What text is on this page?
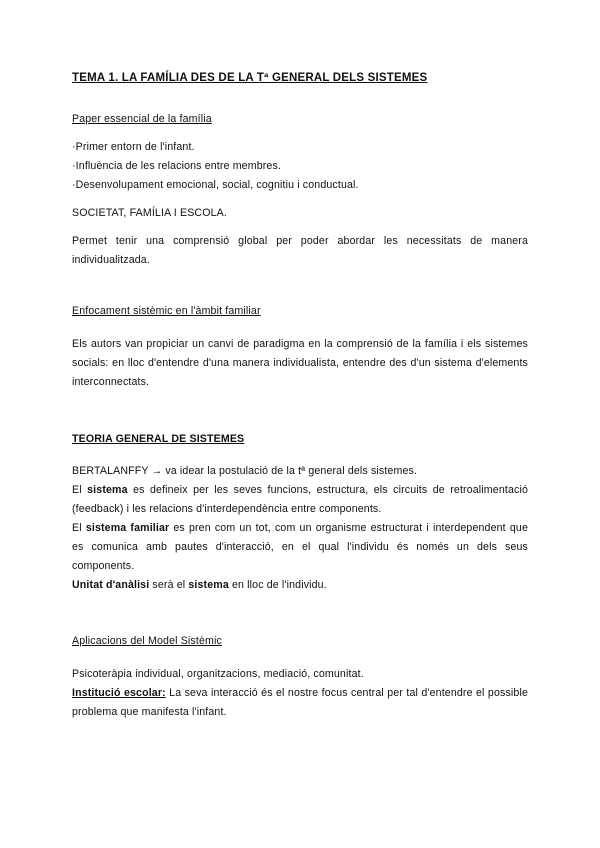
TEMA 1. LA FAMÍLIA DES DE LA Tª GENERAL DELS SISTEMES
Paper essencial de la família
·Primer entorn de l'infant.
·Influència de les relacions entre membres.
·Desenvolupament emocional, social, cognitiu i conductual.
SOCIETAT, FAMÍLIA I ESCOLA.
Permet tenir una comprensió global per poder abordar les necessitats de manera individualitzada.
Enfocament sistèmic en l'àmbit familiar
Els autors van propiciar un canvi de paradigma en la comprensió de la família i els sistemes socials: en lloc d'entendre d'una manera individualista, entendre des d'un sistema d'elements interconnectats.
TEORIA GENERAL DE SISTEMES
BERTALANFFY → va idear la postulació de la tª general dels sistemes.
El sistema es defineix per les seves funcions, estructura, els circuits de retroalimentació (feedback) i les relacions d'interdependència entre components.
El sistema familiar es pren com un tot, com un organisme estructurat i interdependent que es comunica amb pautes d'interacció, en el qual l'individu és només un dels seus components.
Unitat d'anàlisi serà el sistema en lloc de l'individu.
Aplicacions del Model Sistèmic
Psicoteràpia individual, organitzacions, mediació, comunitat.
Institució escolar: La seva interacció és el nostre focus central per tal d'entendre el possible problema que manifesta l'infant.
